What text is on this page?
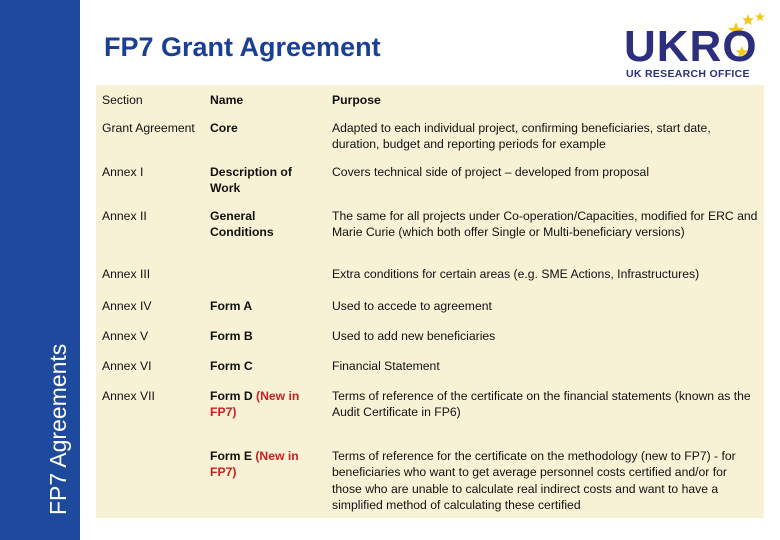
FP7 Agreements
FP7 Grant Agreement	UKRO
UK RESEARCH OFFICE
Section	Name	Purpose
Grant Agreement	Core	Adapted to each individual project, confirming beneficiaries, start date, duration, budget and reporting periods for example
Annex I	Description of Work	Covers technical side of project – developed from proposal
Annex II	General Conditions	The same for all projects under Co-operation/Capacities, modified for ERC and Marie Curie (which both offer Single or Multi-beneficiary versions)
Annex III		Extra conditions for certain areas (e.g. SME Actions, Infrastructures)
Annex IV	Form A	Used to accede to agreement
Annex V	Form B	Used to add new beneficiaries
Annex VI	Form C	Financial Statement
Annex VII	Form D (New in FP7)	Terms of reference of the certificate on the financial statements (known as the Audit Certificate in FP6)
	Form E (New in FP7)	Terms of reference for the certificate on the methodology (new to FP7) - for beneficiaries who want to get average personnel costs certified and/or for those who are unable to calculate real indirect costs and want to have a simplified method of calculating these certified
